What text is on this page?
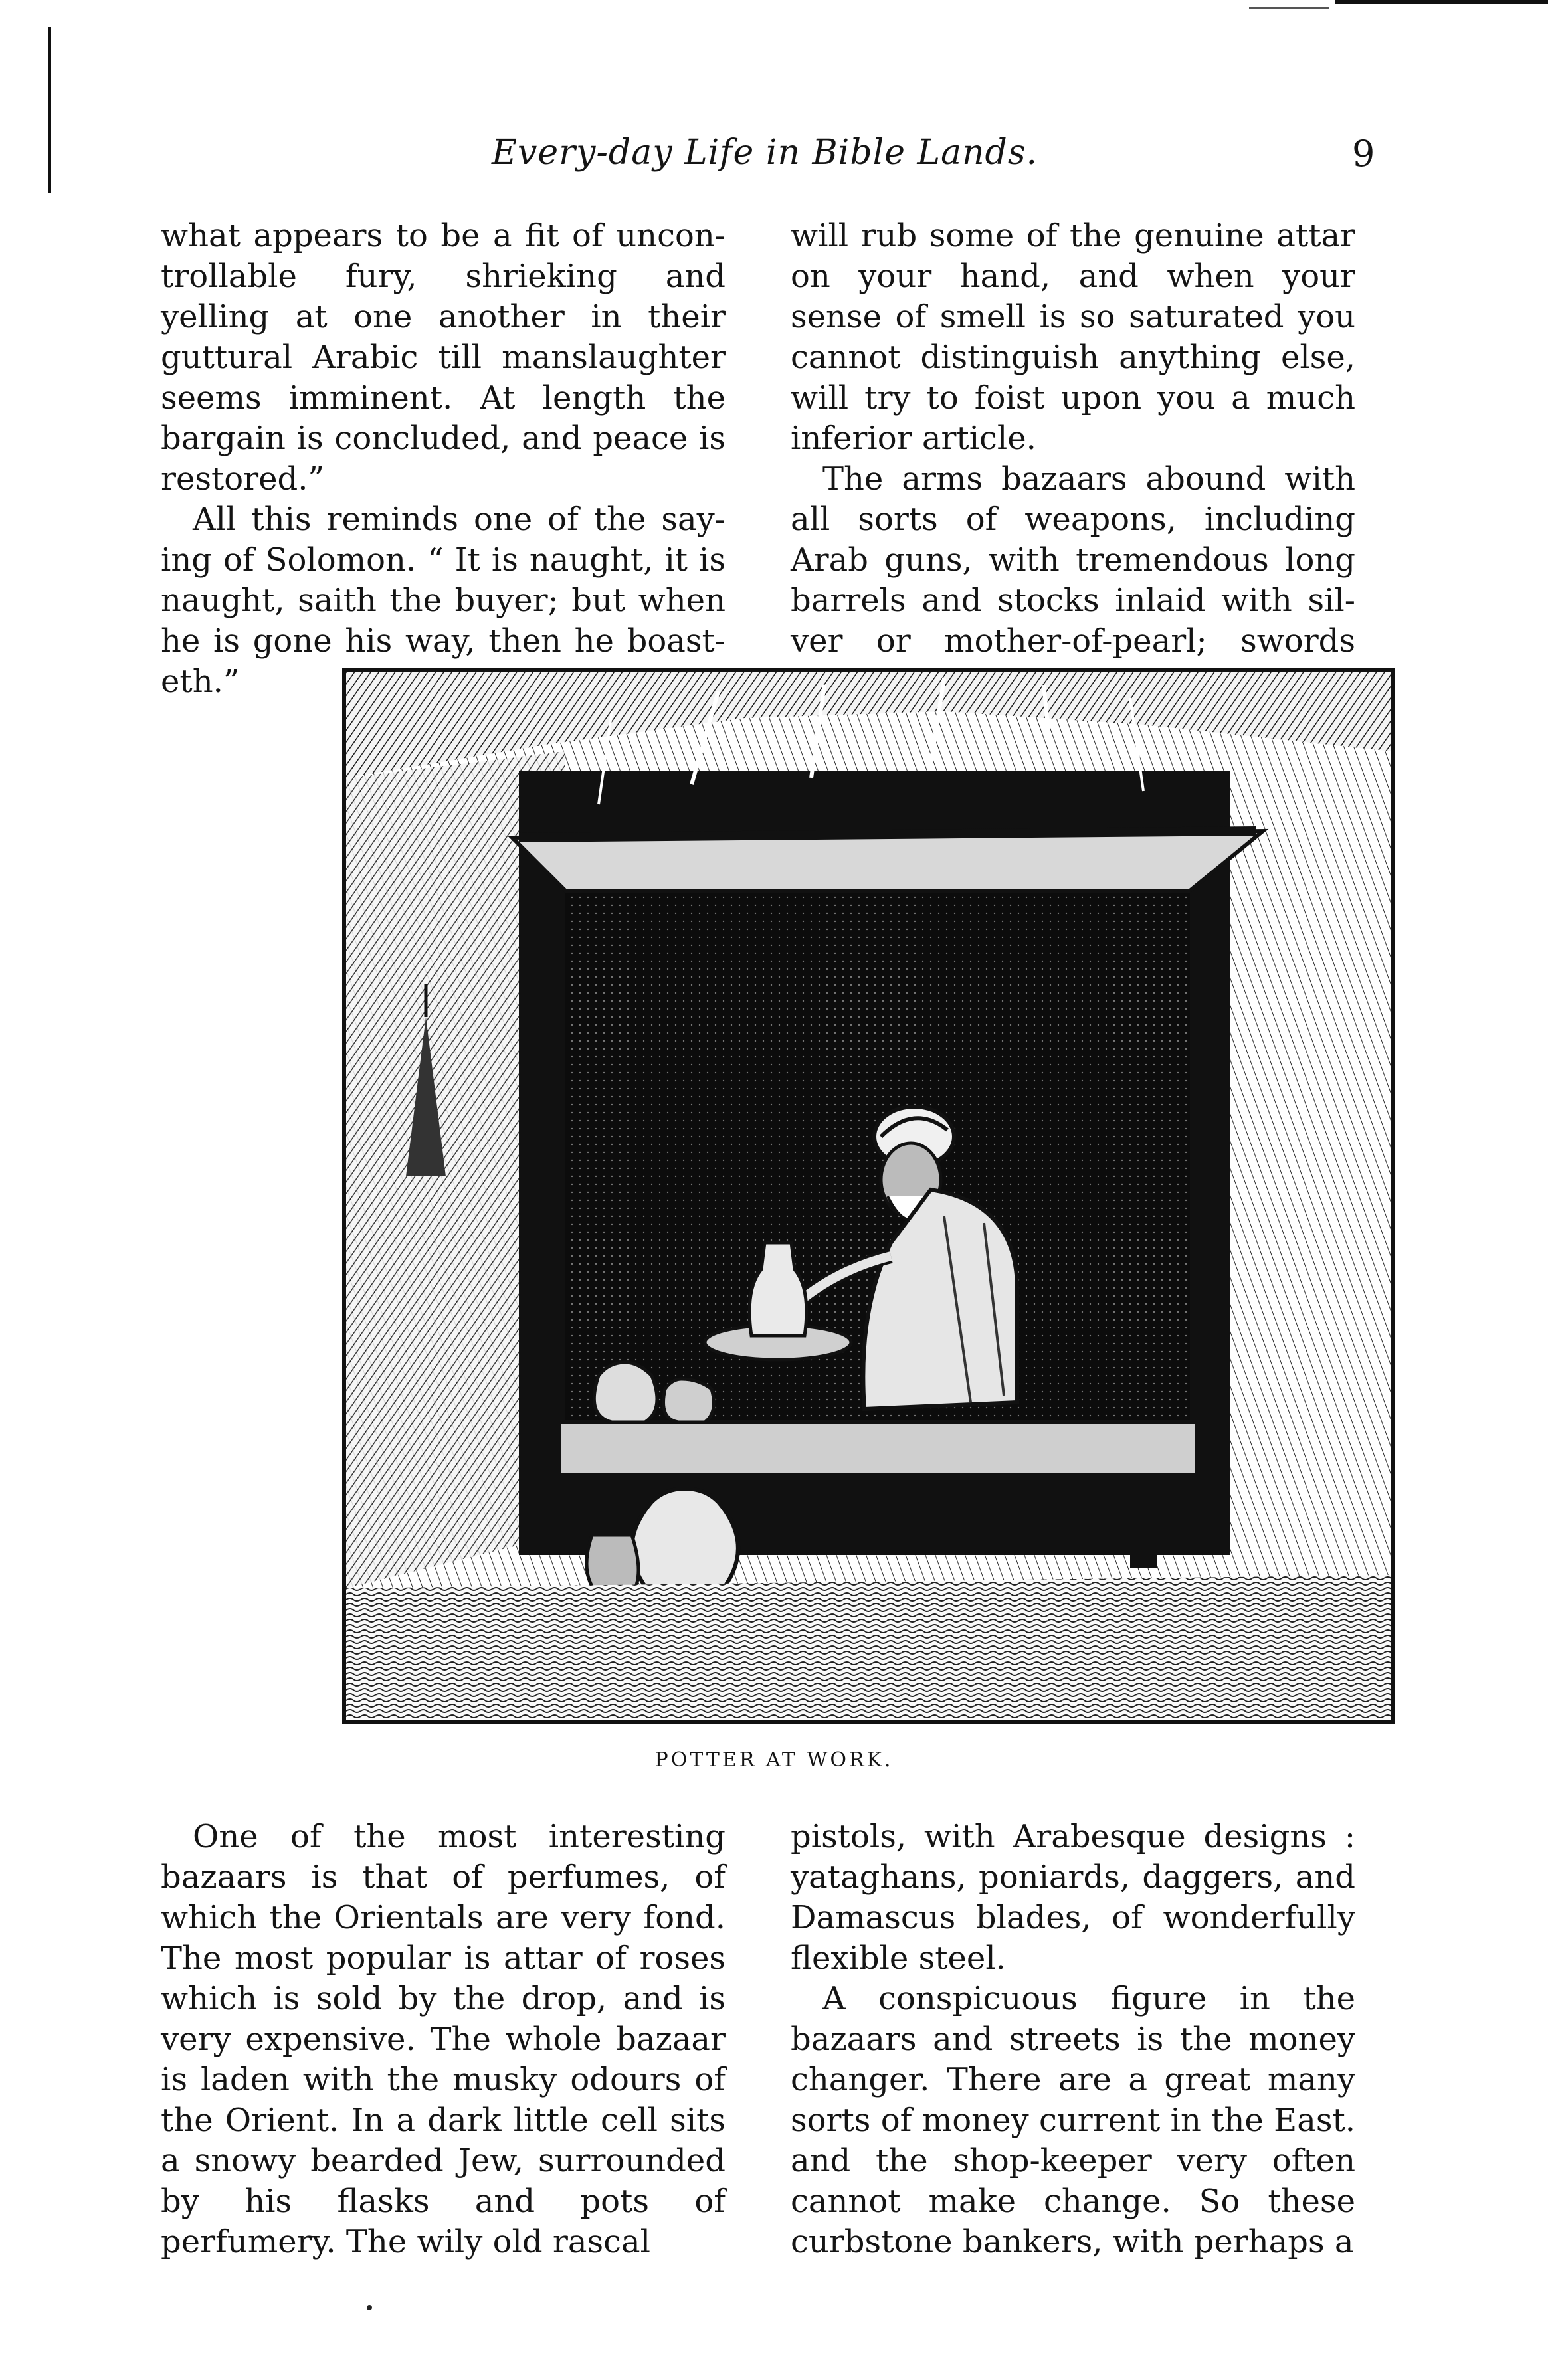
Every-day Life in Bible Lands.	9

what appears to be a fit of uncontrollable fury, shrieking and yelling at one another in their guttural Arabic till manslaughter seems imminent. At length the bargain is concluded, and peace is restored.”

All this reminds one of the saying of Solomon. “ It is naught, it is naught, saith the buyer; but when he is gone his way, then he boasteth.”

will rub some of the genuine attar on your hand, and when your sense of smell is so saturated you cannot distinguish anything else, will try to foist upon you a much inferior article.

The arms bazaars abound with all sorts of weapons, including Arab guns, with tremendous long barrels and stocks inlaid with silver or mother-of-pearl; swords

POTTER AT WORK.

One of the most interesting bazaars is that of perfumes, of which the Orientals are very fond. The most popular is attar of roses which is sold by the drop, and is very expensive. The whole bazaar is laden with the musky odours of the Orient. In a dark little cell sits a snowy bearded Jew, surrounded by his flasks and pots of perfumery. The wily old rascal

pistols, with Arabesque designs : yataghans, poniards, daggers, and Damascus blades, of wonderfully flexible steel.

A conspicuous figure in the bazaars and streets is the money changer. There are a great many sorts of money current in the East. and the shop-keeper very often cannot make change. So these curbstone bankers, with perhaps a
